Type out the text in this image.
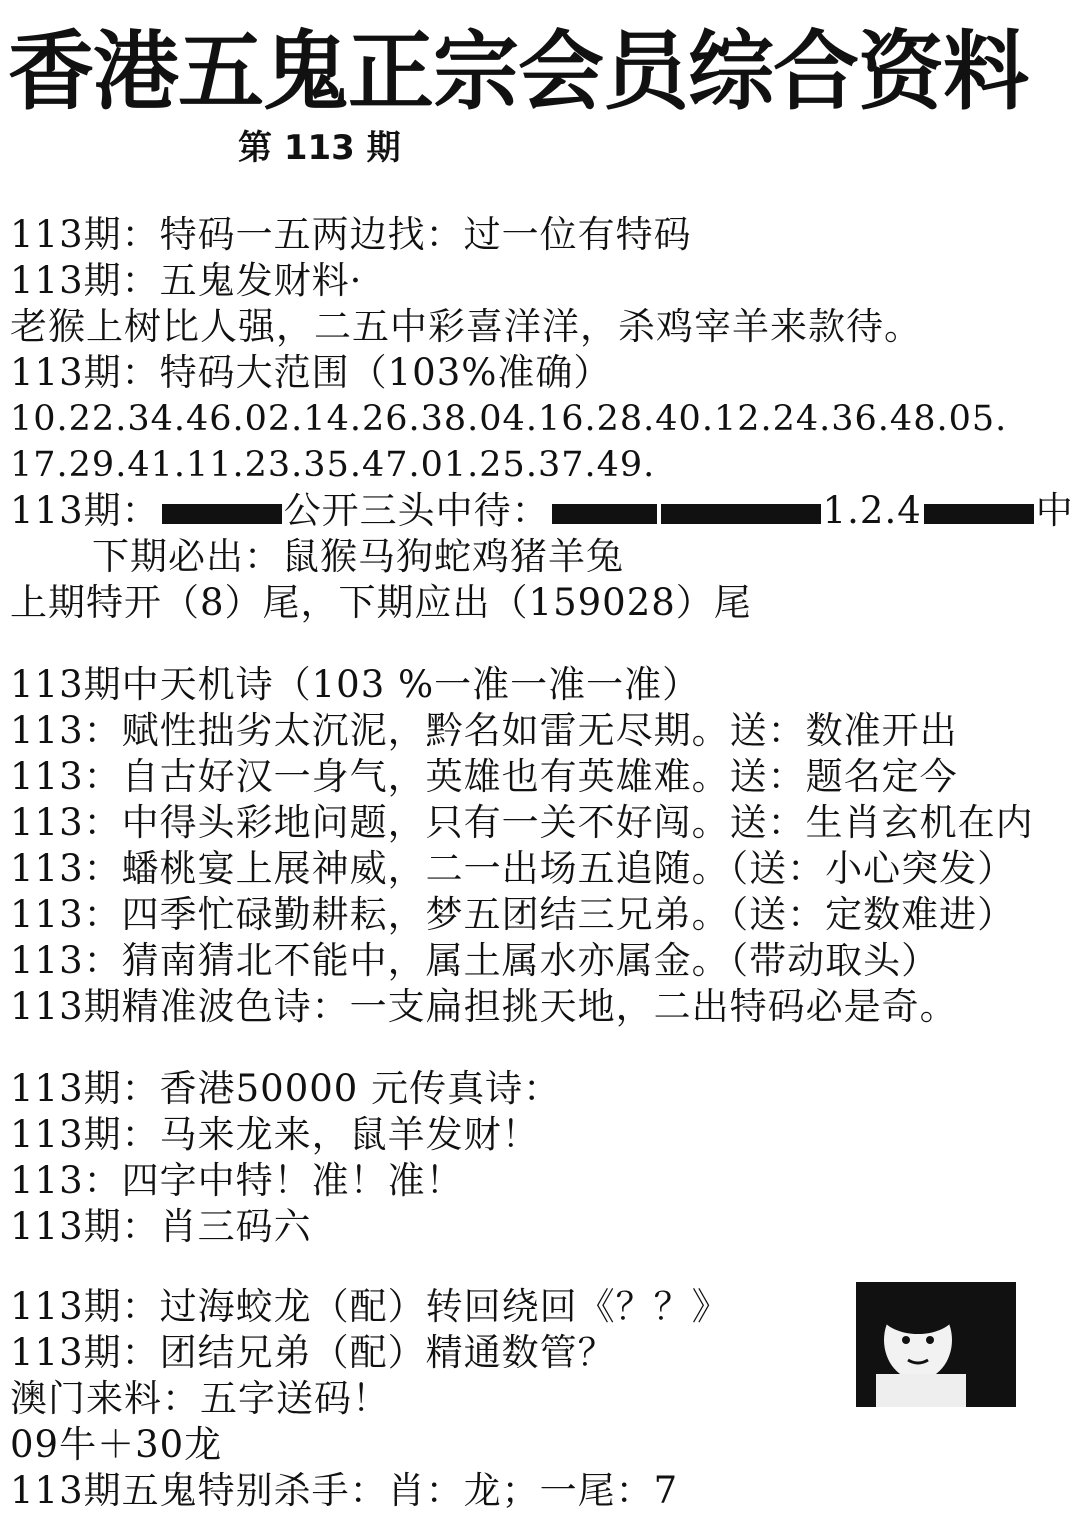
香港五鬼正宗会员综合资料
第 113 期
113期：特码一五两边找：过一位有特码
113期：五鬼发财料·
老猴上树比人强，二五中彩喜洋洋，杀鸡宰羊来款待。
113期：特码大范围（103%准确）
10.22.34.46.02.14.26.38.04.16.28.40.12.24.36.48.05.
17.29.41.11.23.35.47.01.25.37.49.
113期：	公开三头中待：	1.2.4	中
下期必出：鼠猴马狗蛇鸡猪羊兔
上期特开（8）尾，下期应出（159028）尾
113期中天机诗（103 %一准一准一准）
113：赋性拙劣太沉泥，黔名如雷无尽期。送：数准开出
113：自古好汉一身气，英雄也有英雄难。送：题名定今
113：中得头彩地问题，只有一关不好闯。送：生肖玄机在内
113：蟠桃宴上展神威，二一出场五追随。（送：小心突发）
113：四季忙碌勤耕耘，梦五团结三兄弟。（送：定数难进）
113：猜南猜北不能中，属土属水亦属金。（带动取头）
113期精准波色诗：一支扁担挑天地，二出特码必是奇。
113期：香港50000 元传真诗：
113期：马来龙来，鼠羊发财！
113：四字中特！准！准！
113期：肖三码六
113期：过海蛟龙（配）转回绕回《？？》
113期：团结兄弟（配）精通数管？
澳门来料：五字送码！
09牛＋30龙
113期五鬼特别杀手：肖：龙；一尾：7
